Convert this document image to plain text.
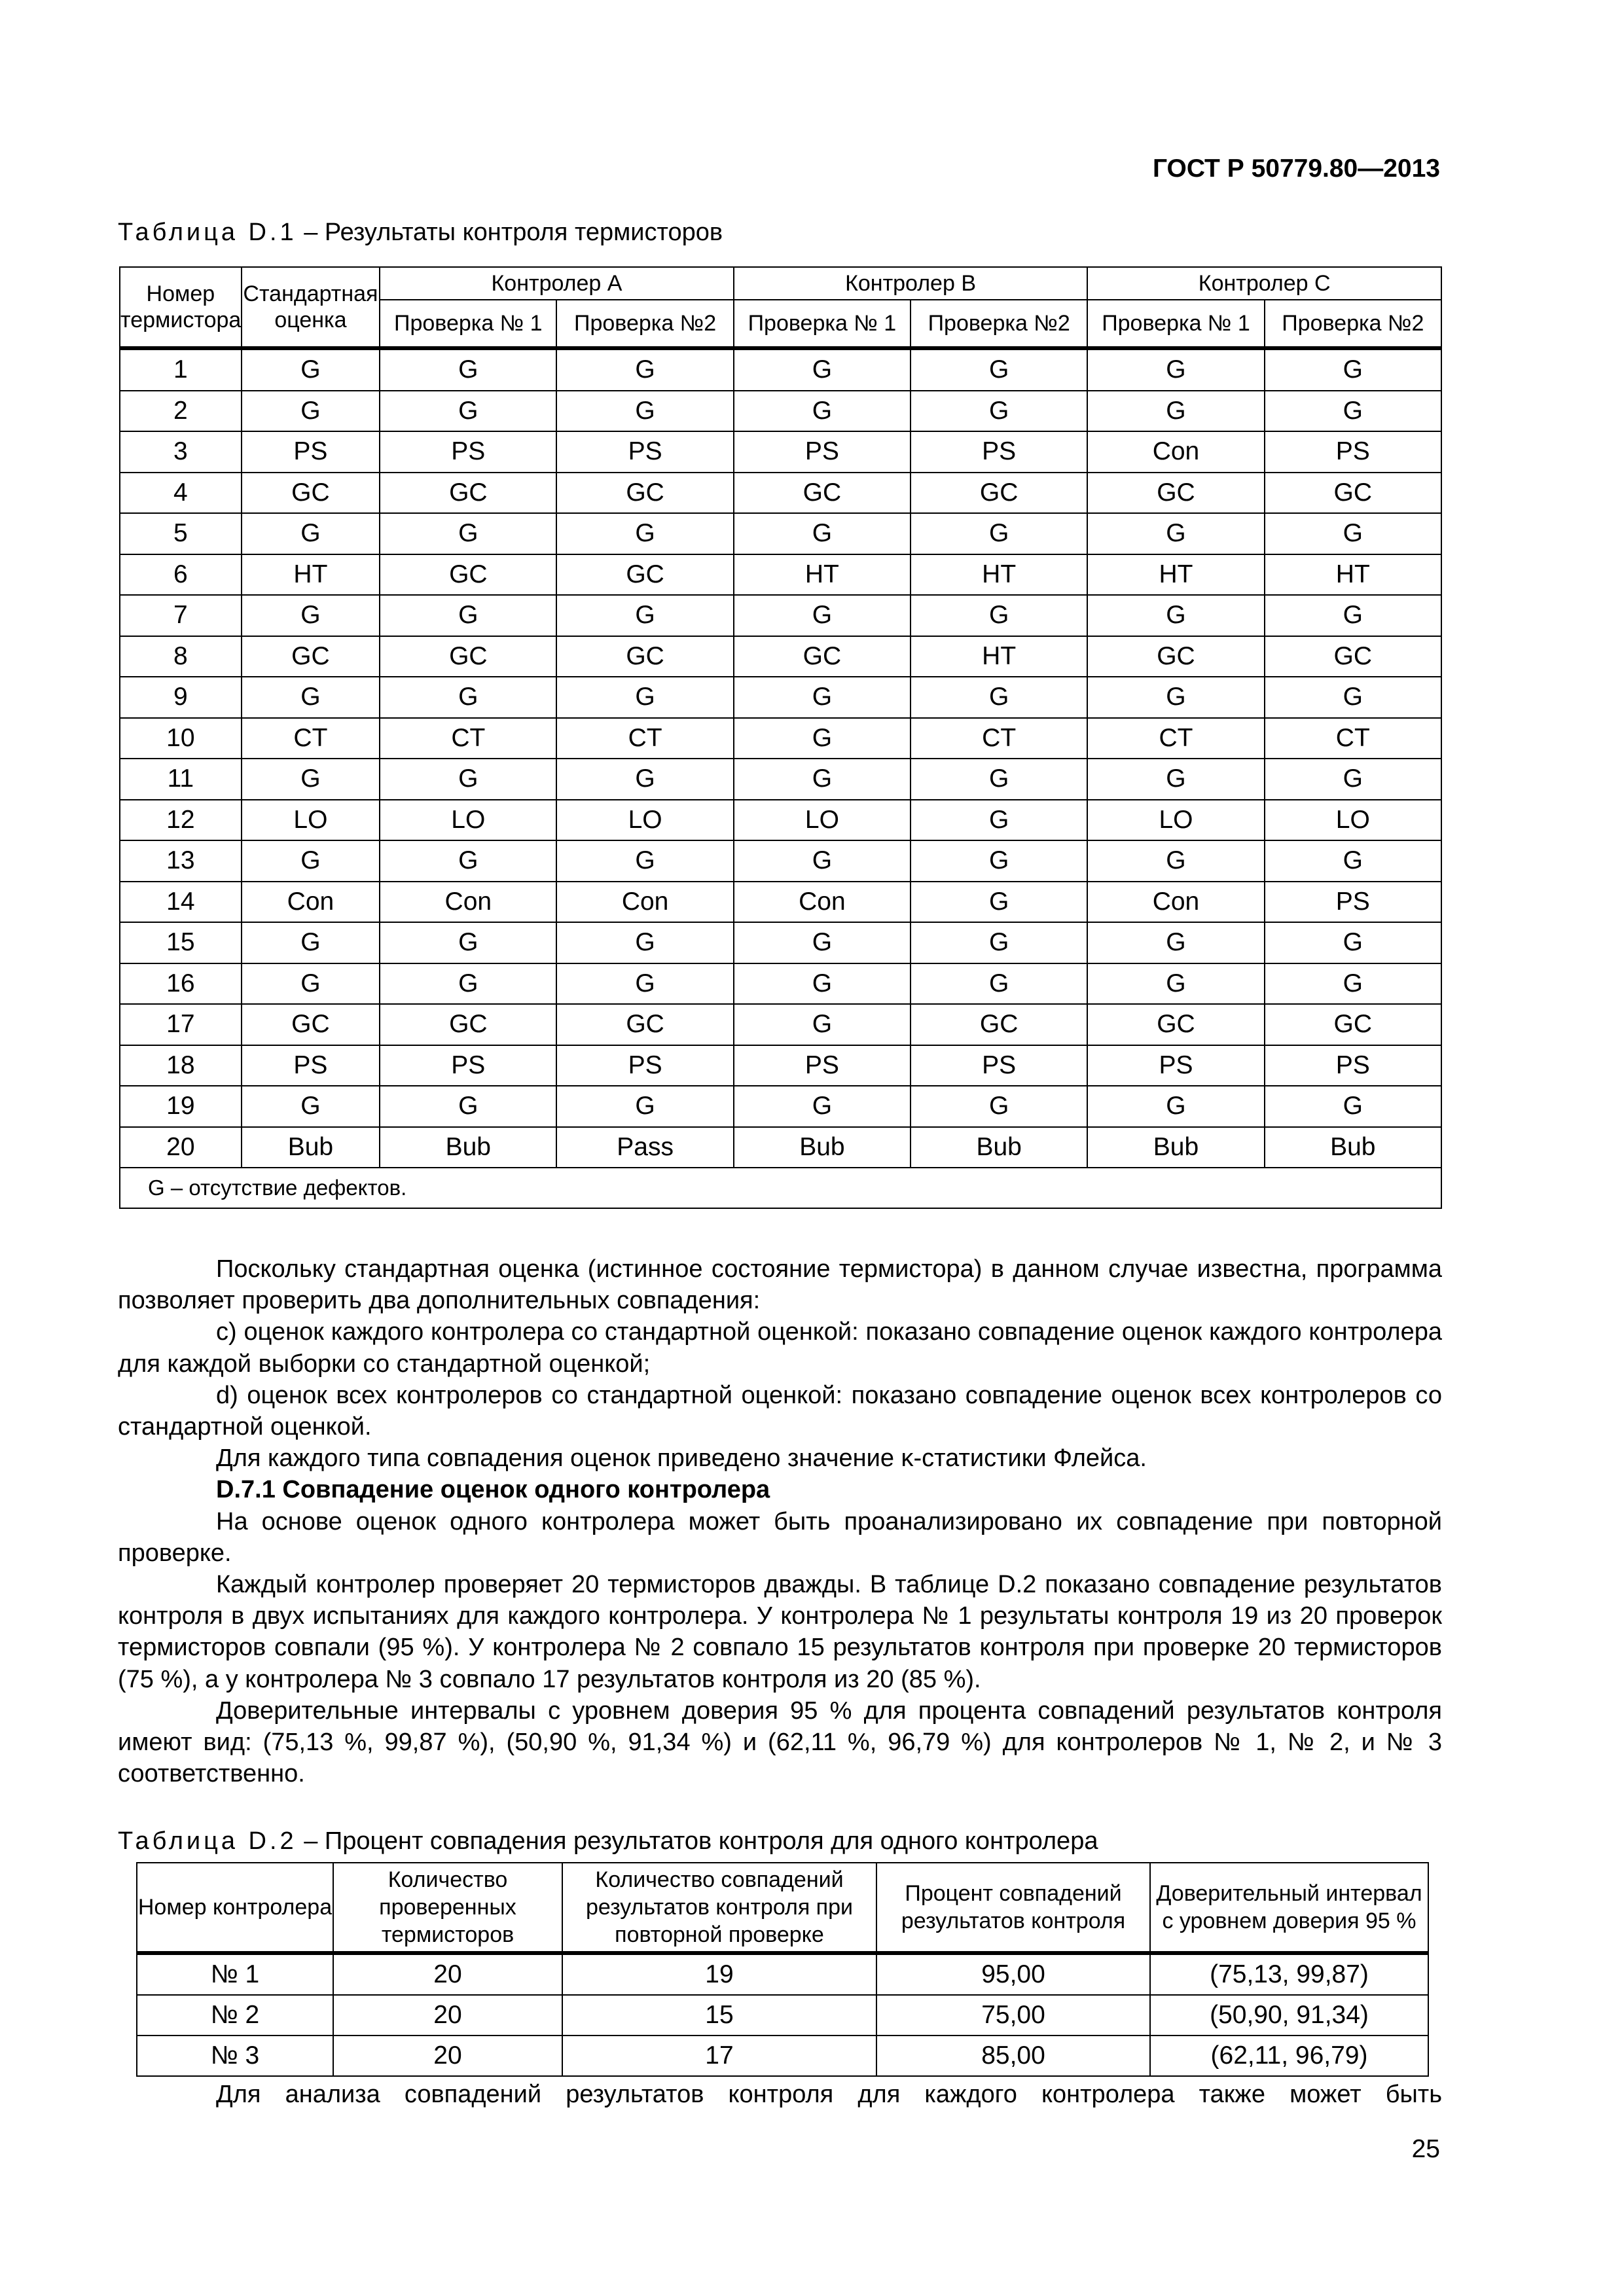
ГОСТ Р 50779.80—2013
Таблица D.1 – Результаты контроля термисторов
Номер термистора	Стандартная оценка	Контролер A		Контролер B		Контролер C	
		Проверка № 1	Проверка №2	Проверка № 1	Проверка №2	Проверка № 1	Проверка №2
1	G	G	G	G	G	G	G
2	G	G	G	G	G	G	G
3	PS	PS	PS	PS	PS	Con	PS
4	GC	GC	GC	GC	GC	GC	GC
5	G	G	G	G	G	G	G
6	HT	GC	GC	HT	HT	HT	HT
7	G	G	G	G	G	G	G
8	GC	GC	GC	GC	HT	GC	GC
9	G	G	G	G	G	G	G
10	CT	CT	CT	G	CT	CT	CT
11	G	G	G	G	G	G	G
12	LO	LO	LO	LO	G	LO	LO
13	G	G	G	G	G	G	G
14	Con	Con	Con	Con	G	Con	PS
15	G	G	G	G	G	G	G
16	G	G	G	G	G	G	G
17	GC	GC	GC	G	GC	GC	GC
18	PS	PS	PS	PS	PS	PS	PS
19	G	G	G	G	G	G	G
20	Bub	Bub	Pass	Bub	Bub	Bub	Bub
G – отсутствие дефектов.							

Поскольку стандартная оценка (истинное состояние термистора) в данном случае известна, программа позволяет проверить два дополнительных совпадения:

c) оценок каждого контролера со стандартной оценкой: показано совпадение оценок каждого контролера для каждой выборки со стандартной оценкой;

d) оценок всех контролеров со стандартной оценкой: показано совпадение оценок всех контролеров со стандартной оценкой.

Для каждого типа совпадения оценок приведено значение κ-статистики Флейса.

D.7.1 Совпадение оценок одного контролера

На основе оценок одного контролера может быть проанализировано их совпадение при повторной проверке.

Каждый контролер проверяет 20 термисторов дважды. В таблице D.2 показано совпадение результатов контроля в двух испытаниях для каждого контролера. У контролера № 1 результаты контроля 19 из 20 проверок термисторов совпали (95 %). У контролера № 2 совпало 15 результатов контроля при проверке 20 термисторов (75 %), а у контролера № 3 совпало 17 результатов контроля из 20 (85 %).

Доверительные интервалы с уровнем доверия 95 % для процента совпадений результатов контроля имеют вид: (75,13 %, 99,87 %), (50,90 %, 91,34 %) и (62,11 %, 96,79 %) для контролеров № 1, № 2, и № 3 соответственно.

Таблица D.2 – Процент совпадения результатов контроля для одного контролера
Номер контролера	Количество проверенных термисторов	Количество совпадений результатов контроля при повторной проверке	Процент совпадений результатов контроля	Доверительный интервал с уровнем доверия 95 %
№ 1	20	19	95,00	(75,13, 99,87)
№ 2	20	15	75,00	(50,90, 91,34)
№ 3	20	17	85,00	(62,11, 96,79)
Для анализа совпадений результатов контроля для каждого контролера также может быть
25
